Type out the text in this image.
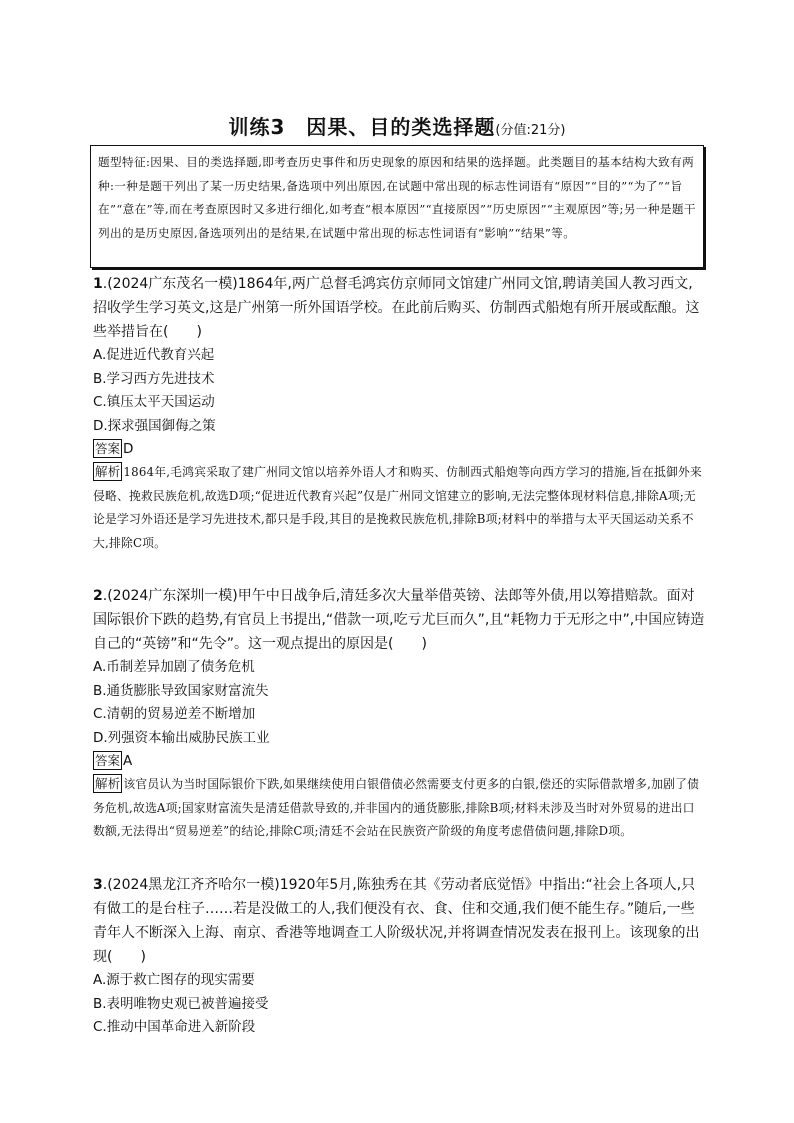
训练3　因果、目的类选择题(分值:21分)

题型特征:因果、目的类选择题,即考查历史事件和历史现象的原因和结果的选择题。此类题目的基本结构大致有两种:一种是题干列出了某一历史结果,备选项中列出原因,在试题中常出现的标志性词语有“原因”“目的”“为了”“旨在”“意在”等,而在考查原因时又多进行细化,如考查“根本原因”“直接原因”“历史原因”“主观原因”等;另一种是题干列出的是历史原因,备选项列出的是结果,在试题中常出现的标志性词语有“影响”“结果”等。

1.(2024广东茂名一模)1864年,两广总督毛鸿宾仿京师同文馆建广州同文馆,聘请美国人教习西文,招收学生学习英文,这是广州第一所外国语学校。在此前后购买、仿制西式船炮有所开展或酝酿。这些举措旨在(　　)

A.促进近代教育兴起

B.学习西方先进技术

C.镇压太平天国运动

D.探求强国御侮之策

答案 D

解析 1864年,毛鸿宾采取了建广州同文馆以培养外语人才和购买、仿制西式船炮等向西方学习的措施,旨在抵御外来侵略、挽救民族危机,故选D项;“促进近代教育兴起”仅是广州同文馆建立的影响,无法完整体现材料信息,排除A项;无论是学习外语还是学习先进技术,都只是手段,其目的是挽救民族危机,排除B项;材料中的举措与太平天国运动关系不大,排除C项。

2.(2024广东深圳一模)甲午中日战争后,清廷多次大量举借英镑、法郎等外债,用以筹措赔款。面对国际银价下跌的趋势,有官员上书提出,“借款一项,吃亏尤巨而久”,且“耗物力于无形之中”,中国应铸造自己的“英镑”和“先令”。这一观点提出的原因是(　　)

A.币制差异加剧了债务危机

B.通货膨胀导致国家财富流失

C.清朝的贸易逆差不断增加

D.列强资本输出威胁民族工业

答案 A

解析 该官员认为当时国际银价下跌,如果继续使用白银借债必然需要支付更多的白银,偿还的实际借款增多,加剧了债务危机,故选A项;国家财富流失是清廷借款导致的,并非国内的通货膨胀,排除B项;材料未涉及当时对外贸易的进出口数额,无法得出“贸易逆差”的结论,排除C项;清廷不会站在民族资产阶级的角度考虑借债问题,排除D项。

3.(2024黑龙江齐齐哈尔一模)1920年5月,陈独秀在其《劳动者底觉悟》中指出:“社会上各项人,只有做工的是台柱子……若是没做工的人,我们便没有衣、食、住和交通,我们便不能生存。”随后,一些青年人不断深入上海、南京、香港等地调查工人阶级状况,并将调查情况发表在报刊上。该现象的出现(　　)

A.源于救亡图存的现实需要

B.表明唯物史观已被普遍接受

C.推动中国革命进入新阶段
